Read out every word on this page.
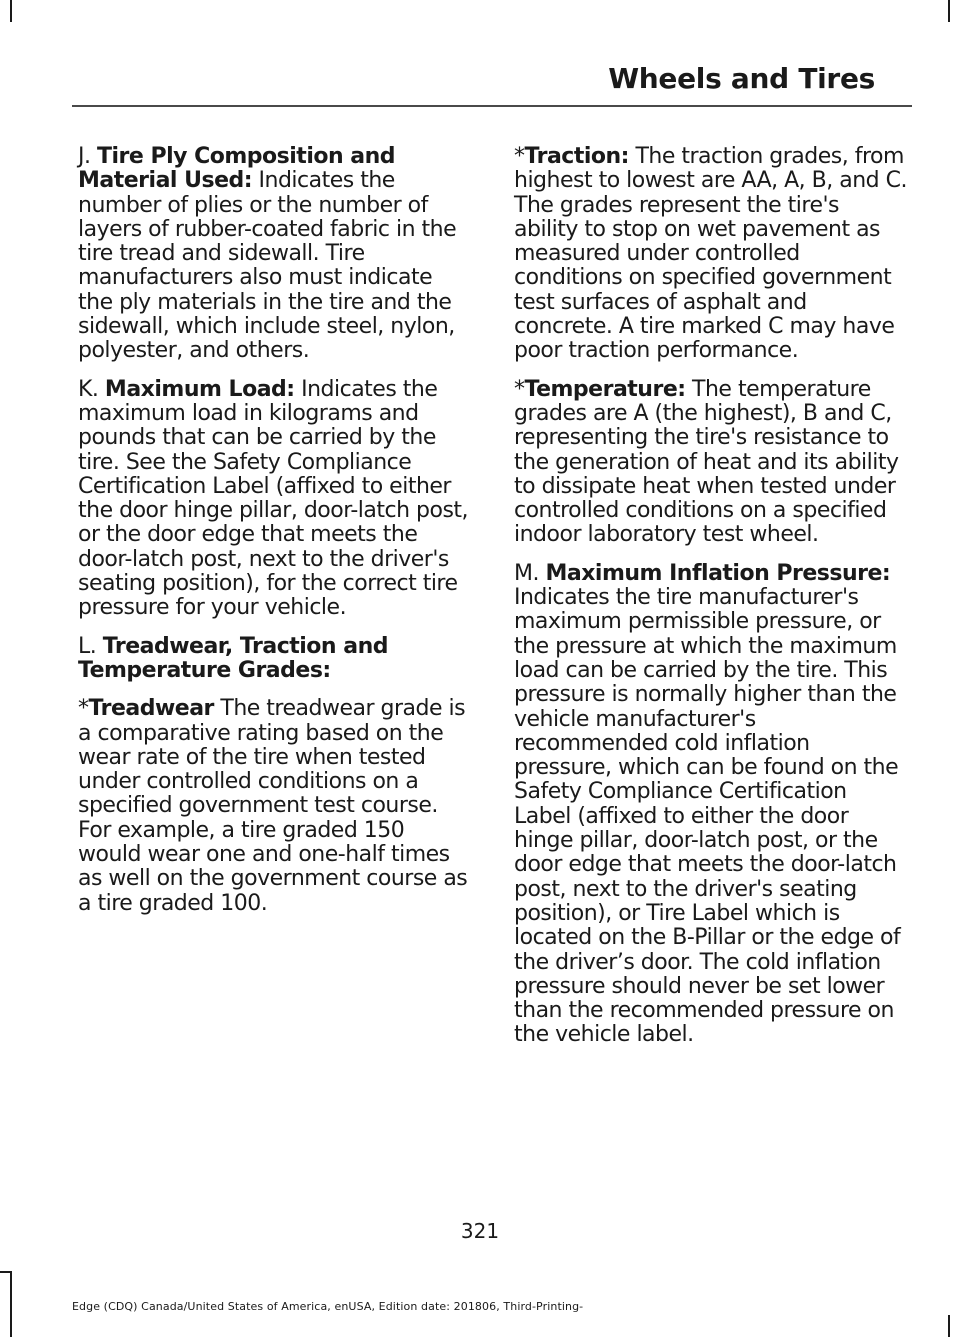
Wheels and Tires

J. Tire Ply Composition and Material Used: Indicates the number of plies or the number of layers of rubber-coated fabric in the tire tread and sidewall. Tire manufacturers also must indicate the ply materials in the tire and the sidewall, which include steel, nylon, polyester, and others.

K. Maximum Load: Indicates the maximum load in kilograms and pounds that can be carried by the tire. See the Safety Compliance Certification Label (affixed to either the door hinge pillar, door-latch post, or the door edge that meets the door-latch post, next to the driver's seating position), for the correct tire pressure for your vehicle.

L. Treadwear, Traction and Temperature Grades:

*Treadwear The treadwear grade is a comparative rating based on the wear rate of the tire when tested under controlled conditions on a specified government test course. For example, a tire graded 150 would wear one and one-half times as well on the government course as a tire graded 100.

*Traction: The traction grades, from highest to lowest are AA, A, B, and C. The grades represent the tire's ability to stop on wet pavement as measured under controlled conditions on specified government test surfaces of asphalt and concrete. A tire marked C may have poor traction performance.

*Temperature: The temperature grades are A (the highest), B and C, representing the tire's resistance to the generation of heat and its ability to dissipate heat when tested under controlled conditions on a specified indoor laboratory test wheel.

M. Maximum Inflation Pressure: Indicates the tire manufacturer's maximum permissible pressure, or the pressure at which the maximum load can be carried by the tire. This pressure is normally higher than the vehicle manufacturer's recommended cold inflation pressure, which can be found on the Safety Compliance Certification Label (affixed to either the door hinge pillar, door-latch post, or the door edge that meets the door-latch post, next to the driver's seating position), or Tire Label which is located on the B-Pillar or the edge of the driver’s door. The cold inflation pressure should never be set lower than the recommended pressure on the vehicle label.

321
Edge (CDQ) Canada/United States of America, enUSA, Edition date: 201806, Third-Printing-
